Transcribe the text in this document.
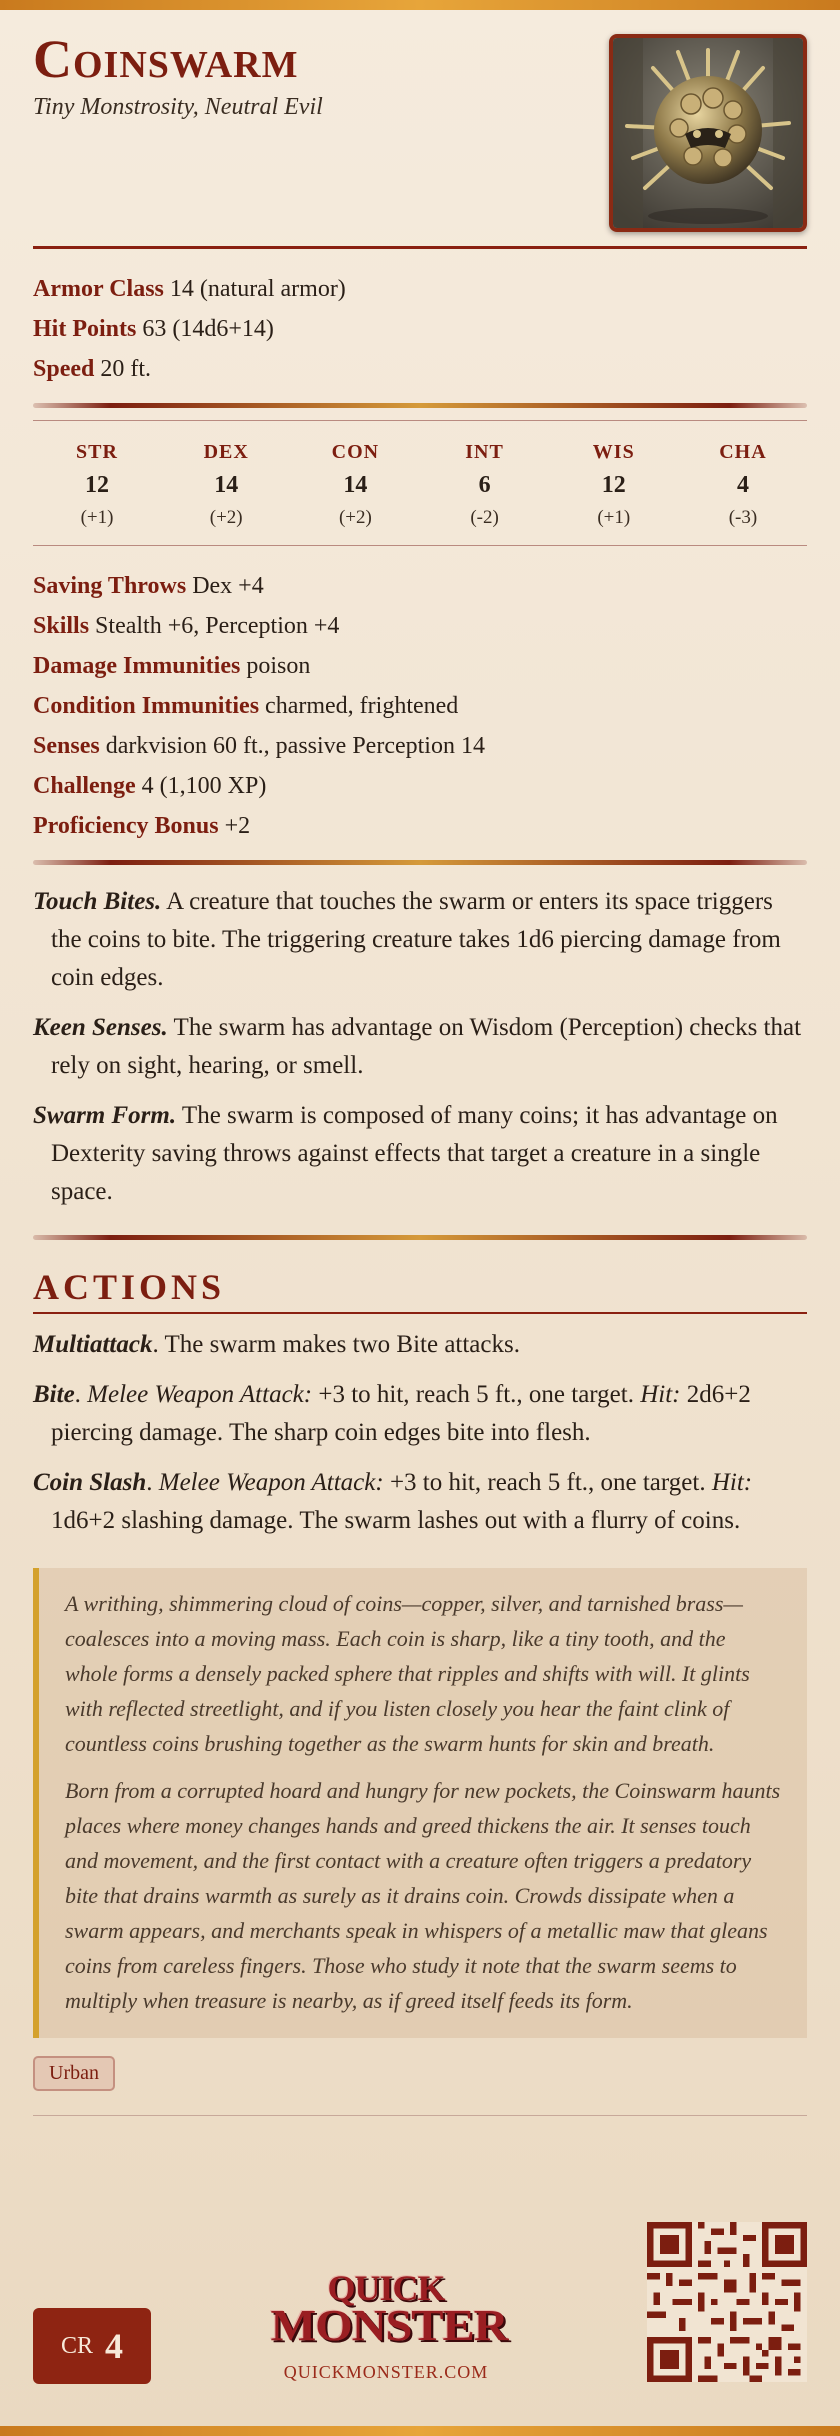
Coinswarm
Tiny Monstrosity, Neutral Evil
Armor Class 14 (natural armor)
Hit Points 63 (14d6+14)
Speed 20 ft.
STR
12
(+1)
DEX
14
(+2)
CON
14
(+2)
INT
6
(-2)
WIS
12
(+1)
CHA
4
(-3)
Saving Throws Dex +4
Skills Stealth +6, Perception +4
Damage Immunities poison
Condition Immunities charmed, frightened
Senses darkvision 60 ft., passive Perception 14
Challenge 4 (1,100 XP)
Proficiency Bonus +2

Touch Bites. A creature that touches the swarm or enters its space triggers the coins to bite. The triggering creature takes 1d6 piercing damage from coin edges.

Keen Senses. The swarm has advantage on Wisdom (Perception) checks that rely on sight, hearing, or smell.

Swarm Form. The swarm is composed of many coins; it has advantage on Dexterity saving throws against effects that target a creature in a single space.

ACTIONS

Multiattack. The swarm makes two Bite attacks.

Bite. Melee Weapon Attack: +3 to hit, reach 5 ft., one target. Hit: 2d6+2 piercing damage. The sharp coin edges bite into flesh.

Coin Slash. Melee Weapon Attack: +3 to hit, reach 5 ft., one target. Hit: 1d6+2 slashing damage. The swarm lashes out with a flurry of coins.

A writhing, shimmering cloud of coins—copper, silver, and tarnished brass—coalesces into a moving mass. Each coin is sharp, like a tiny tooth, and the whole forms a densely packed sphere that ripples and shifts with will. It glints with reflected streetlight, and if you listen closely you hear the faint clink of countless coins brushing together as the swarm hunts for skin and breath.

Born from a corrupted hoard and hungry for new pockets, the Coinswarm haunts places where money changes hands and greed thickens the air. It senses touch and movement, and the first contact with a creature often triggers a predatory bite that drains warmth as surely as it drains coin. Crowds dissipate when a swarm appears, and merchants speak in whispers of a metallic maw that gleans coins from careless fingers. Those who study it note that the swarm seems to multiply when treasure is nearby, as if greed itself feeds its form.

Urban
CR 4
QUICK
MONSTER
QUICKMONSTER.COM
